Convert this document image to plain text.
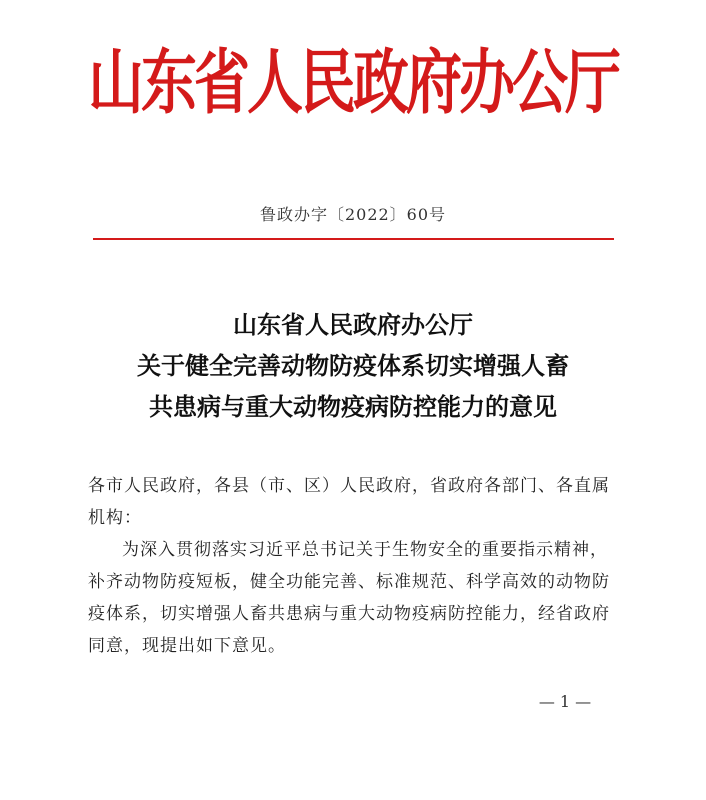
山东省人民政府办公厅
鲁政办字〔2022〕60号
山东省人民政府办公厅
关于健全完善动物防疫体系切实增强人畜
共患病与重大动物疫病防控能力的意见

各市人民政府，各县（市、区）人民政府，省政府各部门、各直属机构：

为深入贯彻落实习近平总书记关于生物安全的重要指示精神，补齐动物防疫短板，健全功能完善、标准规范、科学高效的动物防疫体系，切实增强人畜共患病与重大动物疫病防控能力，经省政府同意，现提出如下意见。

— 1 —
